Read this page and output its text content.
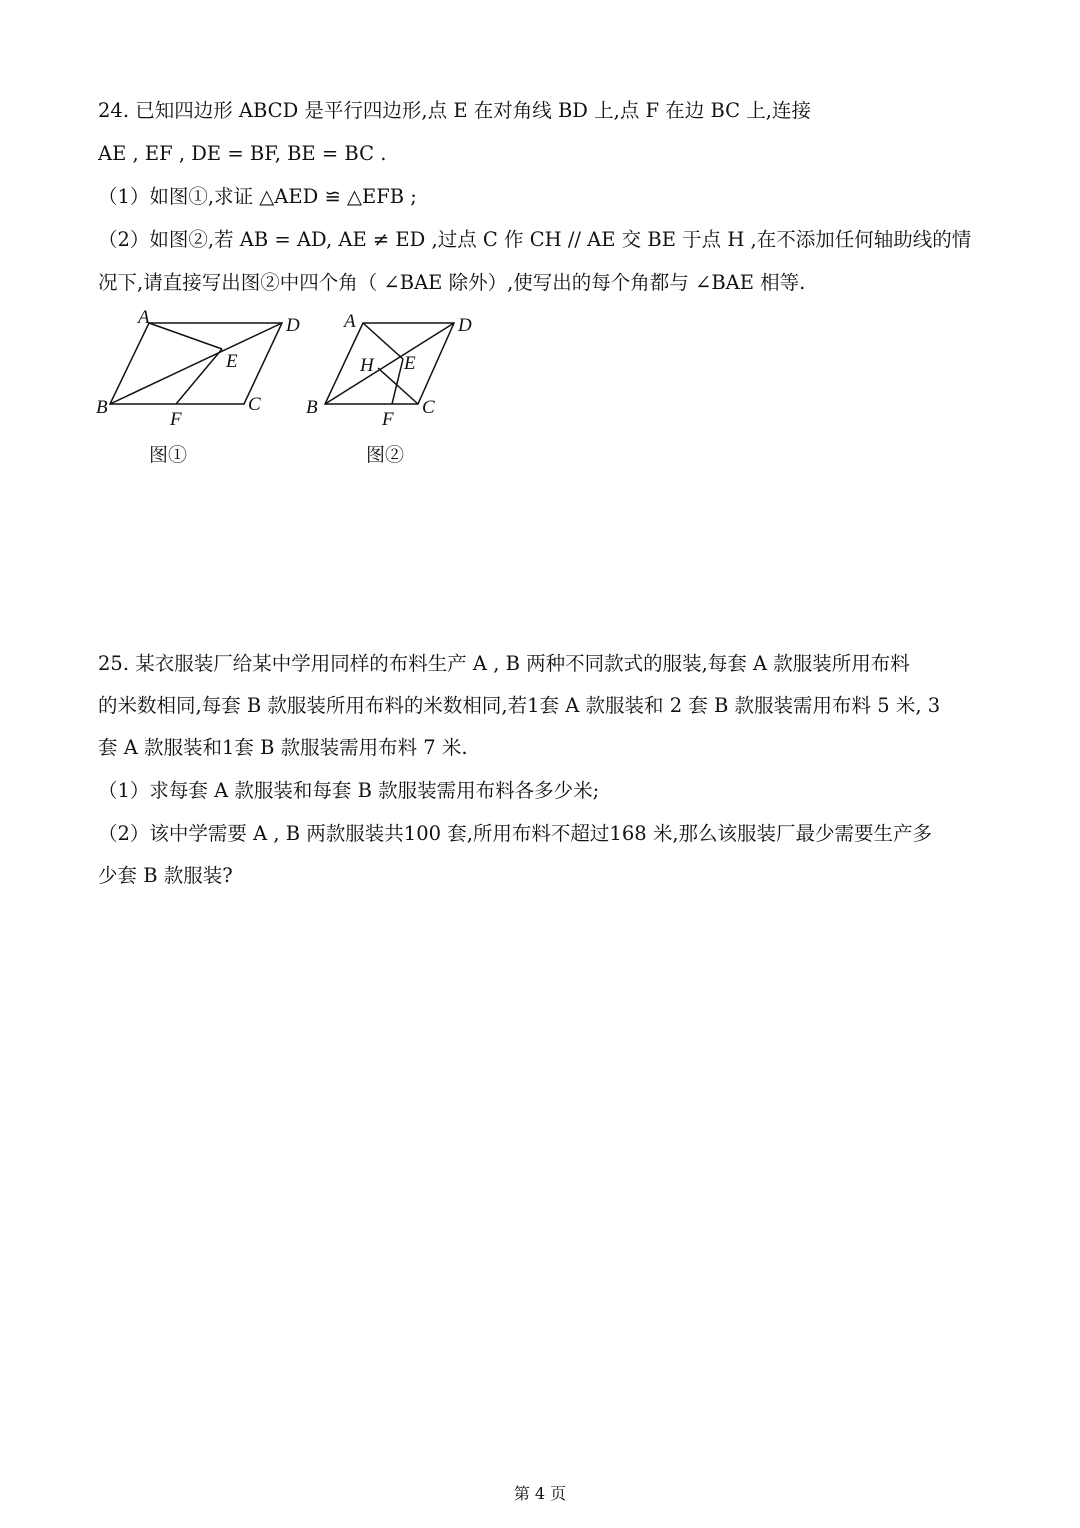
24. 已知四边形 ABCD 是平行四边形,点 E 在对角线 BD 上,点 F 在边 BC 上,连接
AE , EF , DE = BF, BE = BC .
（1）如图①,求证 △AED ≌ △EFB ;
（2）如图②,若 AB = AD, AE ≠ ED ,过点 C 作 CH // AE 交 BE 于点 H ,在不添加任何轴助线的情
况下,请直接写出图②中四个角（ ∠BAE 除外）,使写出的每个角都与 ∠BAE 相等.
A	D
E
B	C
F
图①
A	D
H E
B	C
F
图②
25. 某衣服装厂给某中学用同样的布料生产 A , B 两种不同款式的服装,每套 A 款服装所用布料
的米数相同,每套 B 款服装所用布料的米数相同,若1套 A 款服装和 2 套 B 款服装需用布料 5 米, 3
套 A 款服装和1套 B 款服装需用布料 7 米.
（1）求每套 A 款服装和每套 B 款服装需用布料各多少米;
（2）该中学需要 A , B 两款服装共100 套,所用布料不超过168 米,那么该服装厂最少需要生产多
少套 B 款服装?
第 4 页
